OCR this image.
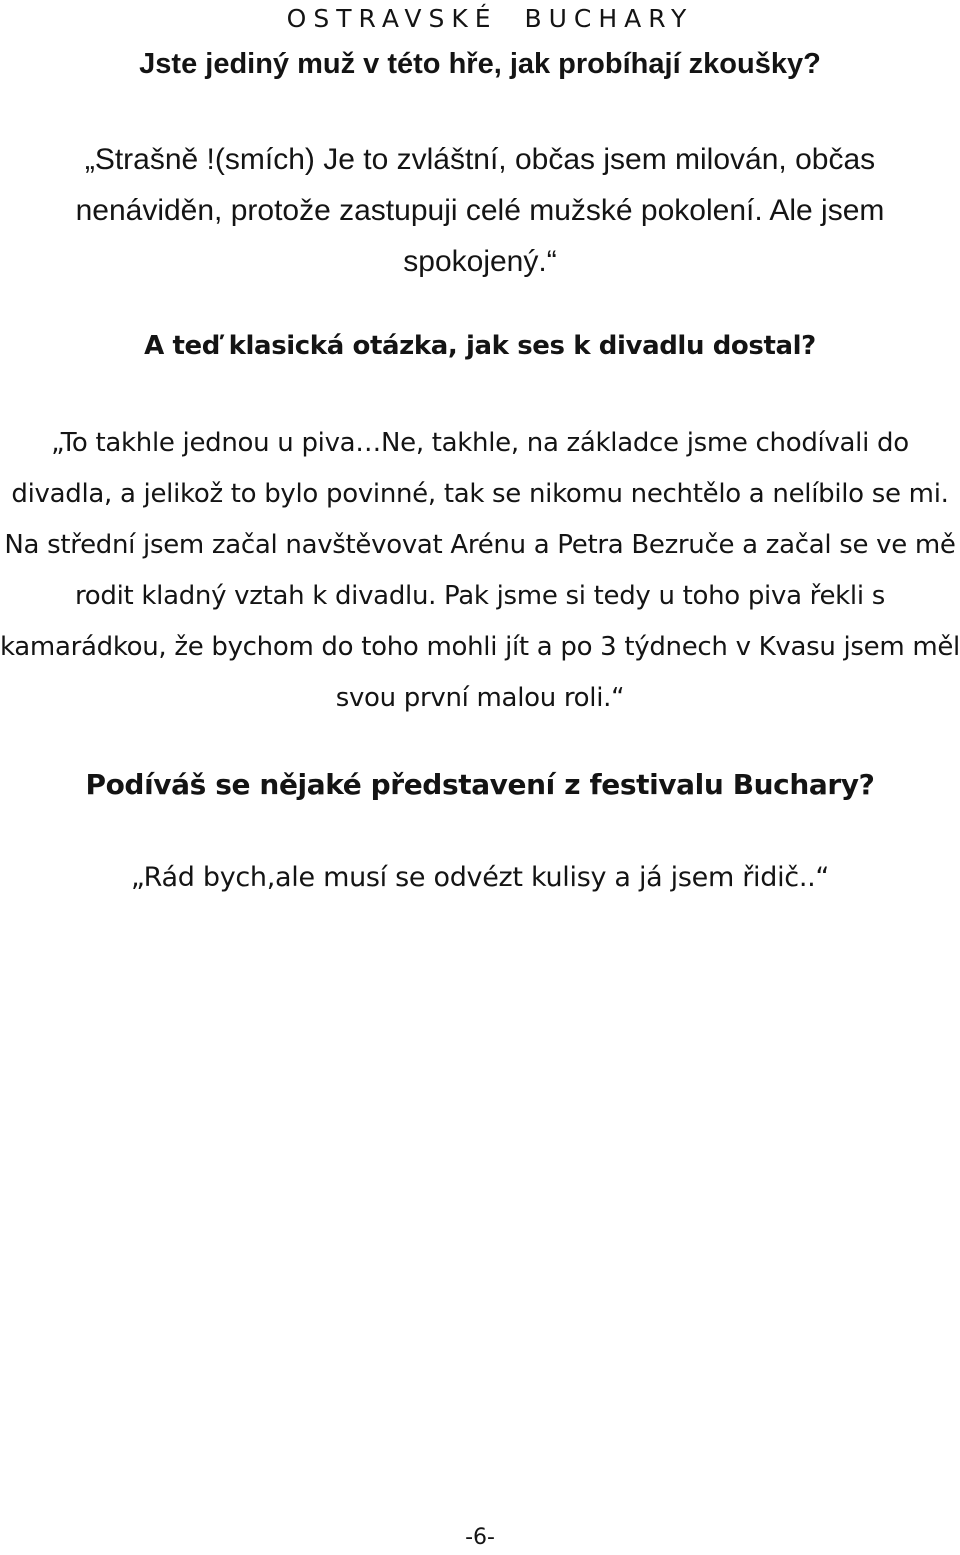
OSTRAVSKÉ BUCHARY
Jste jediný muž v této hře, jak probíhají zkoušky?
„Strašně !(smích) Je to zvláštní, občas jsem milován, občas nenáviděn, protože zastupuji celé mužské pokolení. Ale jsem spokojený.“
A teď klasická otázka, jak ses k divadlu dostal?
„To takhle jednou u piva…Ne, takhle, na základce jsme chodívali do divadla, a jelikož to bylo povinné, tak se nikomu nechtělo a nelíbilo se mi. Na střední jsem začal navštěvovat Arénu a Petra Bezruče a začal se ve mě rodit kladný vztah k divadlu. Pak jsme si tedy u toho piva řekli s kamarádkou, že bychom do toho mohli jít a po 3 týdnech v Kvasu jsem měl svou první malou roli.“
Podíváš se nějaké představení z festivalu Buchary?
„Rád bych,ale musí se odvézt kulisy a já jsem řidič..“
-6-
